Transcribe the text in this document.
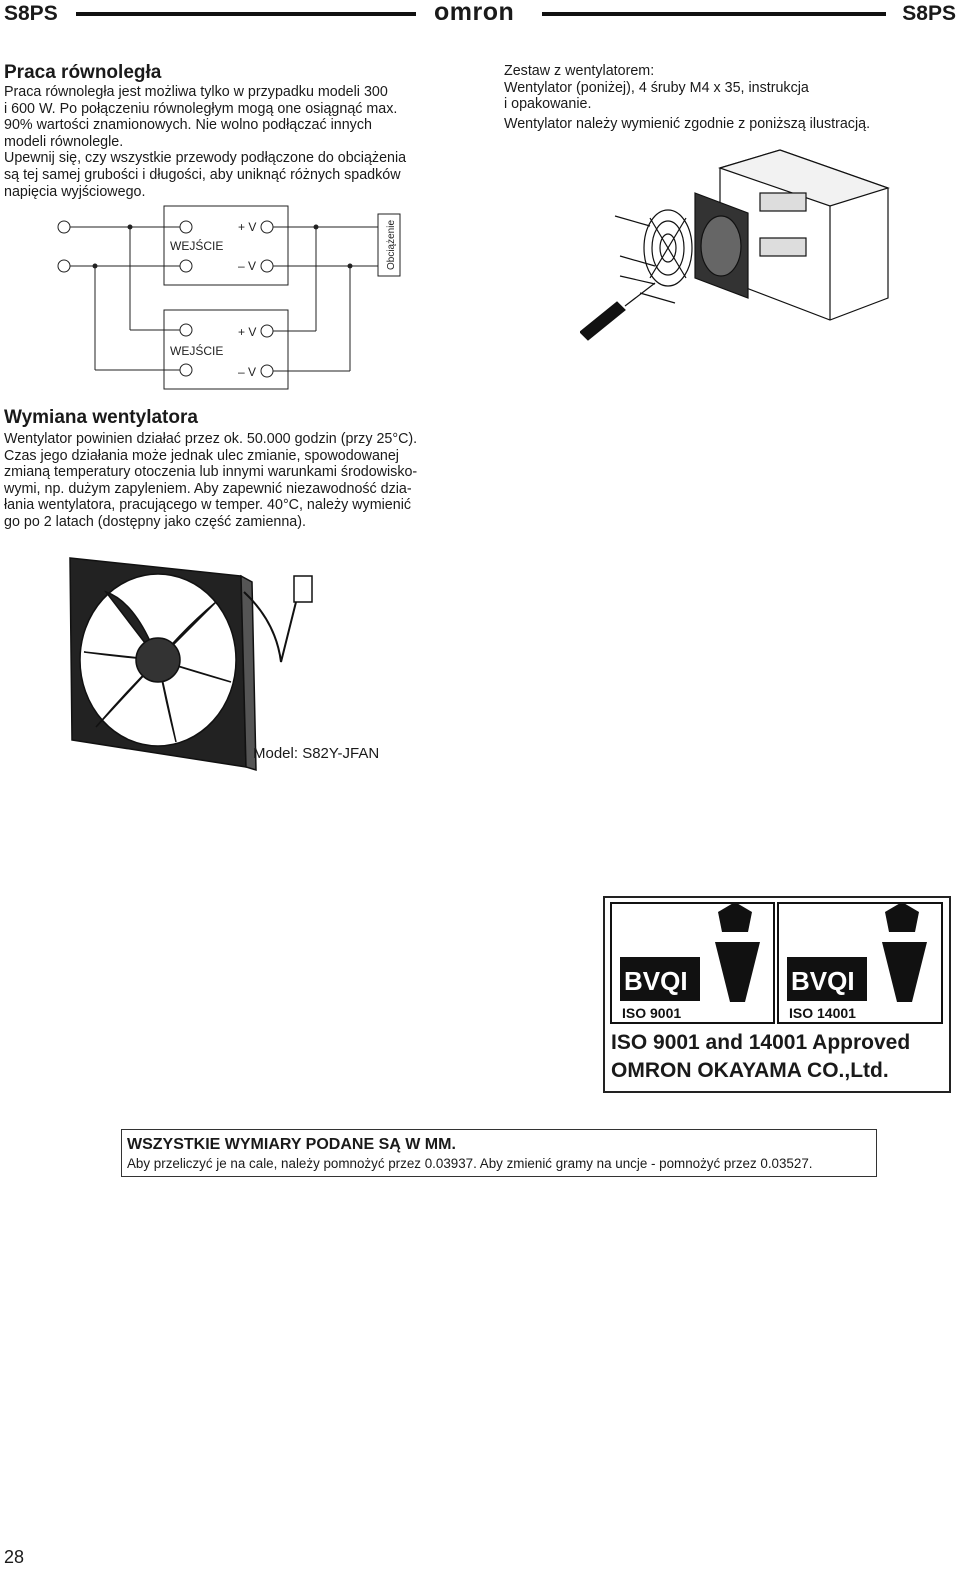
S8PS	omron	S8PS
Praca równoległa

Praca równoległa jest możliwa tylko w przypadku modeli 300

i 600 W. Po połączeniu równoległym mogą one osiągnąć max.

90% wartości znamionowych. Nie wolno podłączać innych

modeli równolegle.

Upewnij się, czy wszystkie przewody podłączone do obciążenia

są tej samej grubości i długości, aby uniknąć różnych spadków

napięcia wyjściowego.

WEJŚCIE
WEJŚCIE
+ V
– V
+ V
– V
Obciążenie

Zestaw z wentylatorem:

Wentylator (poniżej), 4 śruby M4 x 35, instrukcja

i opakowanie.

Wentylator należy wymienić zgodnie z poniższą ilustracją.

Wymiana wentylatora

Wentylator powinien działać przez ok. 50.000 godzin (przy 25°C).

Czas jego działania może jednak ulec zmianie, spowodowanej

zmianą temperatury otoczenia lub innymi warunkami środowisko-

wymi, np. dużym zapyleniem. Aby zapewnić niezawodność dzia-

łania wentylatora, pracującego w temper. 40°C, należy wymienić

go po 2 latach (dostępny jako część zamienna).

Model: S82Y-JFAN
BVQI
ISO 9001
BVQI
ISO 14001
ISO 9001 and 14001 Approved
OMRON OKAYAMA CO.,Ltd.
WSZYSTKIE WYMIARY PODANE SĄ W MM.
Aby przeliczyć je na cale, należy pomnożyć przez 0.03937. Aby zmienić gramy na uncje - pomnożyć przez 0.03527.
28
